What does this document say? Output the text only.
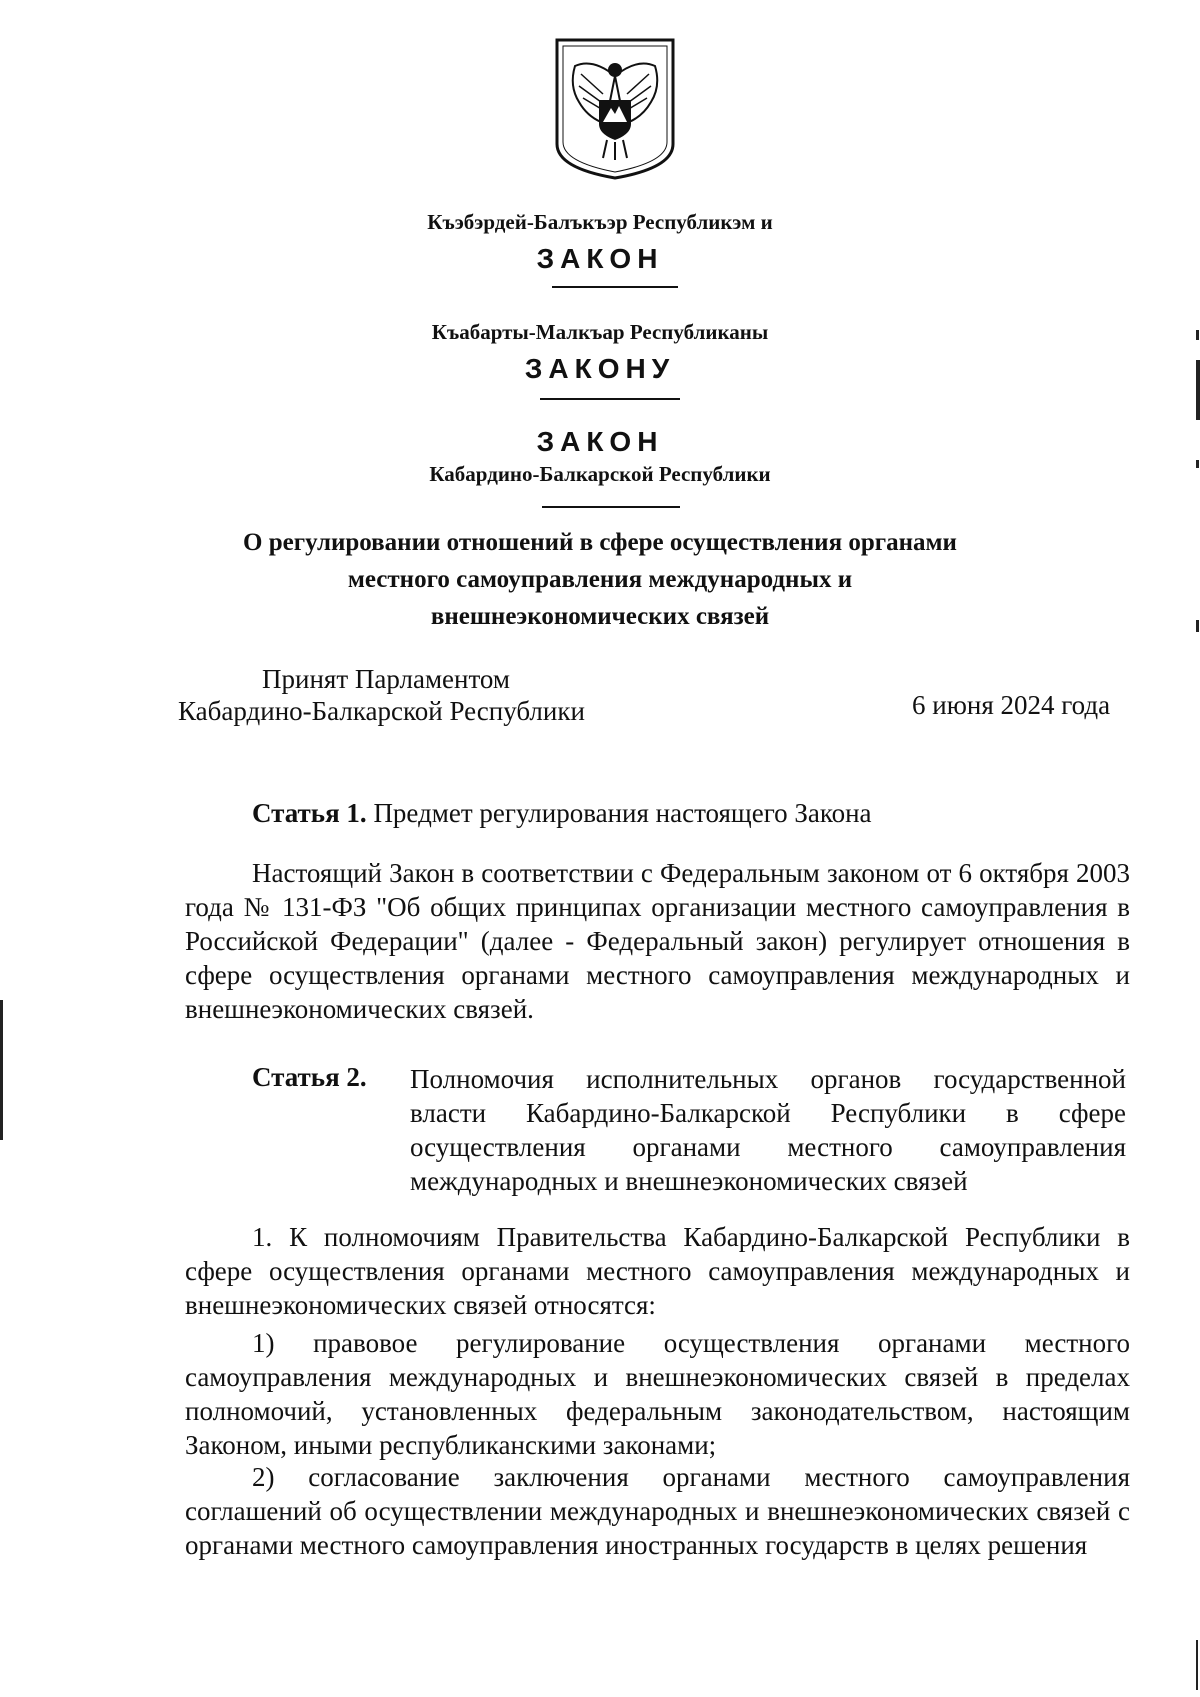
Къэбэрдей-Балъкъэр Республикэм и
ЗАКОН
Къабарты-Малкъар Республиканы
ЗАКОНУ
ЗАКОН
Кабардино-Балкарской Республики
О регулировании отношений в сфере осуществления органами местного самоуправления международных и внешнеэкономических связей
Принят Парламентом
Кабардино-Балкарской Республики	6 июня 2024 года
Статья 1. Предмет регулирования настоящего Закона
Настоящий Закон в соответствии с Федеральным законом от 6 октября 2003 года № 131-ФЗ "Об общих принципах организации местного самоуправления в Российской Федерации" (далее - Федеральный закон) регулирует отношения в сфере осуществления органами местного самоуправления международных и внешнеэкономических связей.
Статья 2. Полномочия исполнительных органов государственной власти Кабардино-Балкарской Республики в сфере осуществления органами местного самоуправления международных и внешнеэкономических связей
1. К полномочиям Правительства Кабардино-Балкарской Республики в сфере осуществления органами местного самоуправления международных и внешнеэкономических связей относятся:
1) правовое регулирование осуществления органами местного самоуправления международных и внешнеэкономических связей в пределах полномочий, установленных федеральным законодательством, настоящим Законом, иными республиканскими законами;
2) согласование заключения органами местного самоуправления соглашений об осуществлении международных и внешнеэкономических связей с органами местного самоуправления иностранных государств в целях решения
